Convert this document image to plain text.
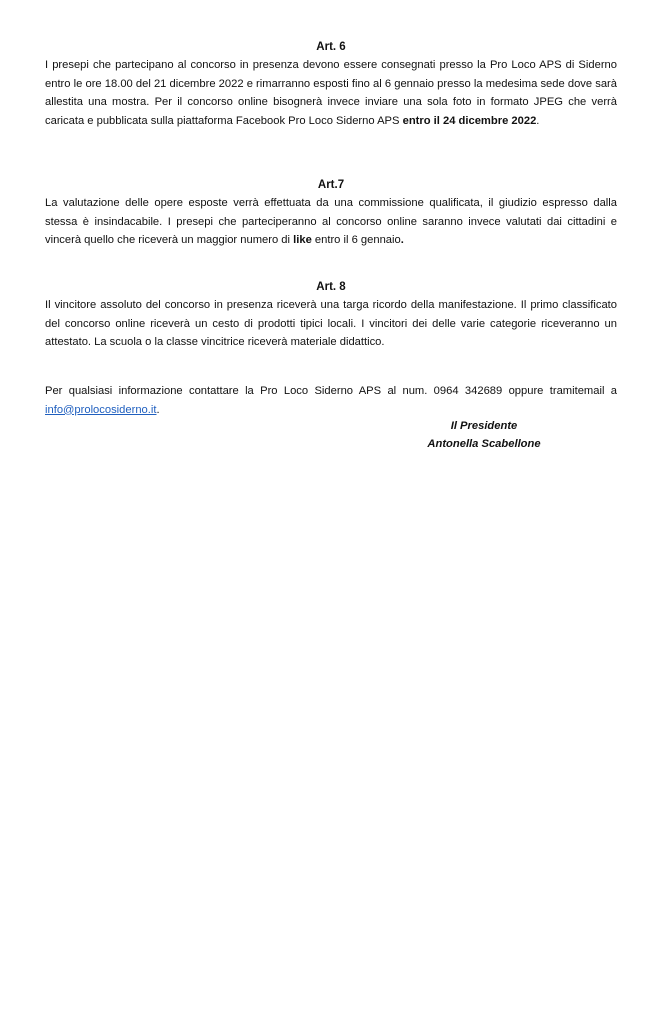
Art. 6

I presepi che partecipano al concorso in presenza devono essere consegnati presso la Pro Loco APS di Siderno entro le ore 18.00 del 21 dicembre 2022 e rimarranno esposti fino al 6 gennaio presso la medesima sede dove sarà allestita una mostra. Per il concorso online bisognerà invece inviare una sola foto in formato JPEG che verrà caricata e pubblicata sulla piattaforma Facebook Pro Loco Siderno APS entro il 24 dicembre 2022.

Art.7

La valutazione delle opere esposte verrà effettuata da una commissione qualificata, il giudizio espresso dalla stessa è insindacabile. I presepi che parteciperanno al concorso online saranno invece valutati dai cittadini e vincerà quello che riceverà un maggior numero di like entro il 6 gennaio.

Art. 8

Il vincitore assoluto del concorso in presenza riceverà una targa ricordo della manifestazione. Il primo classificato del concorso online riceverà un cesto di prodotti tipici locali. I vincitori dei delle varie categorie riceveranno un attestato. La scuola o la classe vincitrice riceverà materiale didattico.

Per qualsiasi informazione contattare la Pro Loco Siderno APS al num. 0964 342689 oppure tramitemail a info@prolocosiderno.it.

Il Presidente
Antonella Scabellone
